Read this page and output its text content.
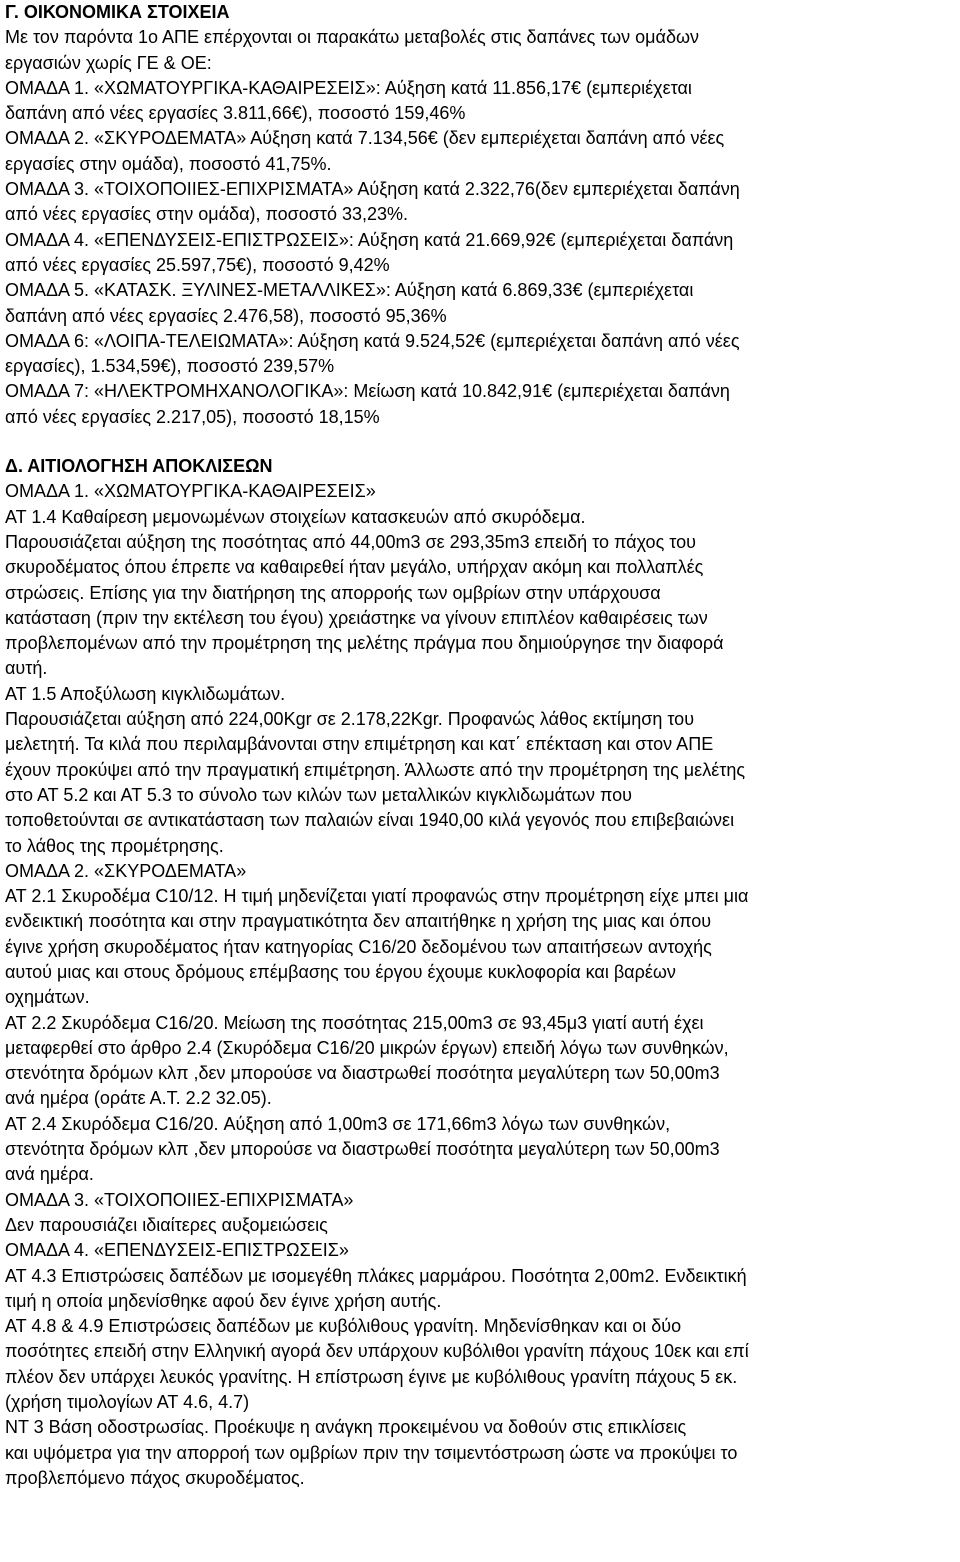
Γ. ΟΙΚΟΝΟΜΙΚΑ ΣΤΟΙΧΕΙΑ
Με τον παρόντα 1ο ΑΠΕ επέρχονται οι παρακάτω μεταβολές στις δαπάνες των ομάδων
εργασιών χωρίς ΓΕ & ΟΕ:
ΟΜΑΔΑ 1. «ΧΩΜΑΤΟΥΡΓΙΚΑ-ΚΑΘΑΙΡΕΣΕΙΣ»: Αύξηση κατά 11.856,17€ (εμπεριέχεται
δαπάνη από νέες εργασίες 3.811,66€), ποσοστό 159,46%
ΟΜΑΔΑ 2. «ΣΚΥΡΟΔΕΜΑΤΑ» Αύξηση κατά 7.134,56€ (δεν εμπεριέχεται δαπάνη από νέες
εργασίες στην ομάδα), ποσοστό 41,75%.
ΟΜΑΔΑ 3. «ΤΟΙΧΟΠΟΙΙΕΣ-ΕΠΙΧΡΙΣΜΑΤΑ» Αύξηση κατά 2.322,76(δεν εμπεριέχεται δαπάνη
από νέες εργασίες στην ομάδα), ποσοστό 33,23%.
ΟΜΑΔΑ 4. «ΕΠΕΝΔΥΣΕΙΣ-ΕΠΙΣΤΡΩΣΕΙΣ»: Αύξηση κατά 21.669,92€ (εμπεριέχεται δαπάνη
από νέες εργασίες 25.597,75€), ποσοστό 9,42%
ΟΜΑΔΑ 5. «ΚΑΤΑΣΚ. ΞΥΛΙΝΕΣ-ΜΕΤΑΛΛΙΚΕΣ»: Αύξηση κατά 6.869,33€ (εμπεριέχεται
δαπάνη από νέες εργασίες 2.476,58), ποσοστό 95,36%
ΟΜΑΔΑ 6: «ΛΟΙΠΑ-ΤΕΛΕΙΩΜΑΤΑ»: Αύξηση κατά 9.524,52€ (εμπεριέχεται δαπάνη από νέες
εργασίες), 1.534,59€), ποσοστό 239,57%
ΟΜΑΔΑ 7: «ΗΛΕΚΤΡΟΜΗΧΑΝΟΛΟΓΙΚΑ»: Μείωση κατά 10.842,91€ (εμπεριέχεται δαπάνη
από νέες εργασίες 2.217,05), ποσοστό 18,15%
Δ. ΑΙΤΙΟΛΟΓΗΣΗ ΑΠΟΚΛΙΣΕΩΝ
ΟΜΑΔΑ 1. «ΧΩΜΑΤΟΥΡΓΙΚΑ-ΚΑΘΑΙΡΕΣΕΙΣ»
ΑΤ 1.4 Καθαίρεση μεμονωμένων στοιχείων κατασκευών από σκυρόδεμα.
Παρουσιάζεται αύξηση της ποσότητας από 44,00m3 σε 293,35m3 επειδή το πάχος του
σκυροδέματος όπου έπρεπε να καθαιρεθεί ήταν μεγάλο, υπήρχαν ακόμη και πολλαπλές
στρώσεις. Επίσης για την διατήρηση της απορροής των ομβρίων στην υπάρχουσα
κατάσταση (πριν την εκτέλεση του έγου) χρειάστηκε να γίνουν επιπλέον καθαιρέσεις των
προβλεπομένων από την προμέτρηση της μελέτης πράγμα που δημιούργησε την διαφορά
αυτή.
ΑΤ 1.5 Αποξύλωση κιγκλιδωμάτων.
Παρουσιάζεται αύξηση από 224,00Kgr σε 2.178,22Kgr. Προφανώς λάθος εκτίμηση του
μελετητή. Τα κιλά που περιλαμβάνονται στην επιμέτρηση και κατ΄ επέκταση και στον ΑΠΕ
έχουν προκύψει από την πραγματική επιμέτρηση. Άλλωστε από την προμέτρηση της μελέτης
στο ΑΤ 5.2 και ΑΤ 5.3 το σύνολο των κιλών των μεταλλικών κιγκλιδωμάτων που
τοποθετούνται σε αντικατάσταση των παλαιών είναι 1940,00 κιλά γεγονός που επιβεβαιώνει
το λάθος της προμέτρησης.
ΟΜΑΔΑ 2. «ΣΚΥΡΟΔΕΜΑΤΑ»
ΑΤ 2.1 Σκυροδέμα C10/12. Η τιμή μηδενίζεται γιατί προφανώς στην προμέτρηση είχε μπει μια
ενδεικτική ποσότητα και στην πραγματικότητα δεν απαιτήθηκε η χρήση της μιας και όπου
έγινε χρήση σκυροδέματος ήταν κατηγορίας C16/20 δεδομένου των απαιτήσεων αντοχής
αυτού μιας και στους δρόμους επέμβασης του έργου έχουμε κυκλοφορία και βαρέων
οχημάτων.
ΑΤ 2.2 Σκυρόδεμα C16/20. Μείωση της ποσότητας 215,00m3 σε 93,45μ3 γιατί αυτή έχει
μεταφερθεί στο άρθρο 2.4 (Σκυρόδεμα C16/20 μικρών έργων) επειδή λόγω των συνθηκών,
στενότητα δρόμων κλπ ,δεν μπορούσε να διαστρωθεί ποσότητα μεγαλύτερη των 50,00m3
ανά ημέρα (οράτε Α.Τ. 2.2 32.05).
ΑΤ 2.4 Σκυρόδεμα C16/20. Αύξηση από 1,00m3 σε 171,66m3 λόγω των συνθηκών,
στενότητα δρόμων κλπ ,δεν μπορούσε να διαστρωθεί ποσότητα μεγαλύτερη των 50,00m3
ανά ημέρα.
ΟΜΑΔΑ 3. «ΤΟΙΧΟΠΟΙΙΕΣ-ΕΠΙΧΡΙΣΜΑΤΑ»
Δεν παρουσιάζει ιδιαίτερες αυξομειώσεις
ΟΜΑΔΑ 4. «ΕΠΕΝΔΥΣΕΙΣ-ΕΠΙΣΤΡΩΣΕΙΣ»
ΑΤ 4.3 Επιστρώσεις δαπέδων με ισομεγέθη πλάκες μαρμάρου. Ποσότητα 2,00m2. Ενδεικτική
τιμή η οποία μηδενίσθηκε αφού δεν έγινε χρήση αυτής.
ΑΤ 4.8 & 4.9 Επιστρώσεις δαπέδων με κυβόλιθους γρανίτη. Μηδενίσθηκαν και οι δύο
ποσότητες επειδή στην Ελληνική αγορά δεν υπάρχουν κυβόλιθοι γρανίτη πάχους 10εκ και επί
πλέον δεν υπάρχει λευκός γρανίτης. Η επίστρωση έγινε με κυβόλιθους γρανίτη πάχους 5 εκ.
(χρήση τιμολογίων ΑΤ 4.6, 4.7)
ΝΤ 3 Βάση οδοστρωσίας. Προέκυψε η ανάγκη προκειμένου να δοθούν στις επικλίσεις
και υψόμετρα για την απορροή των ομβρίων πριν την τσιμεντόστρωση ώστε να προκύψει το
προβλεπόμενο πάχος σκυροδέματος.
